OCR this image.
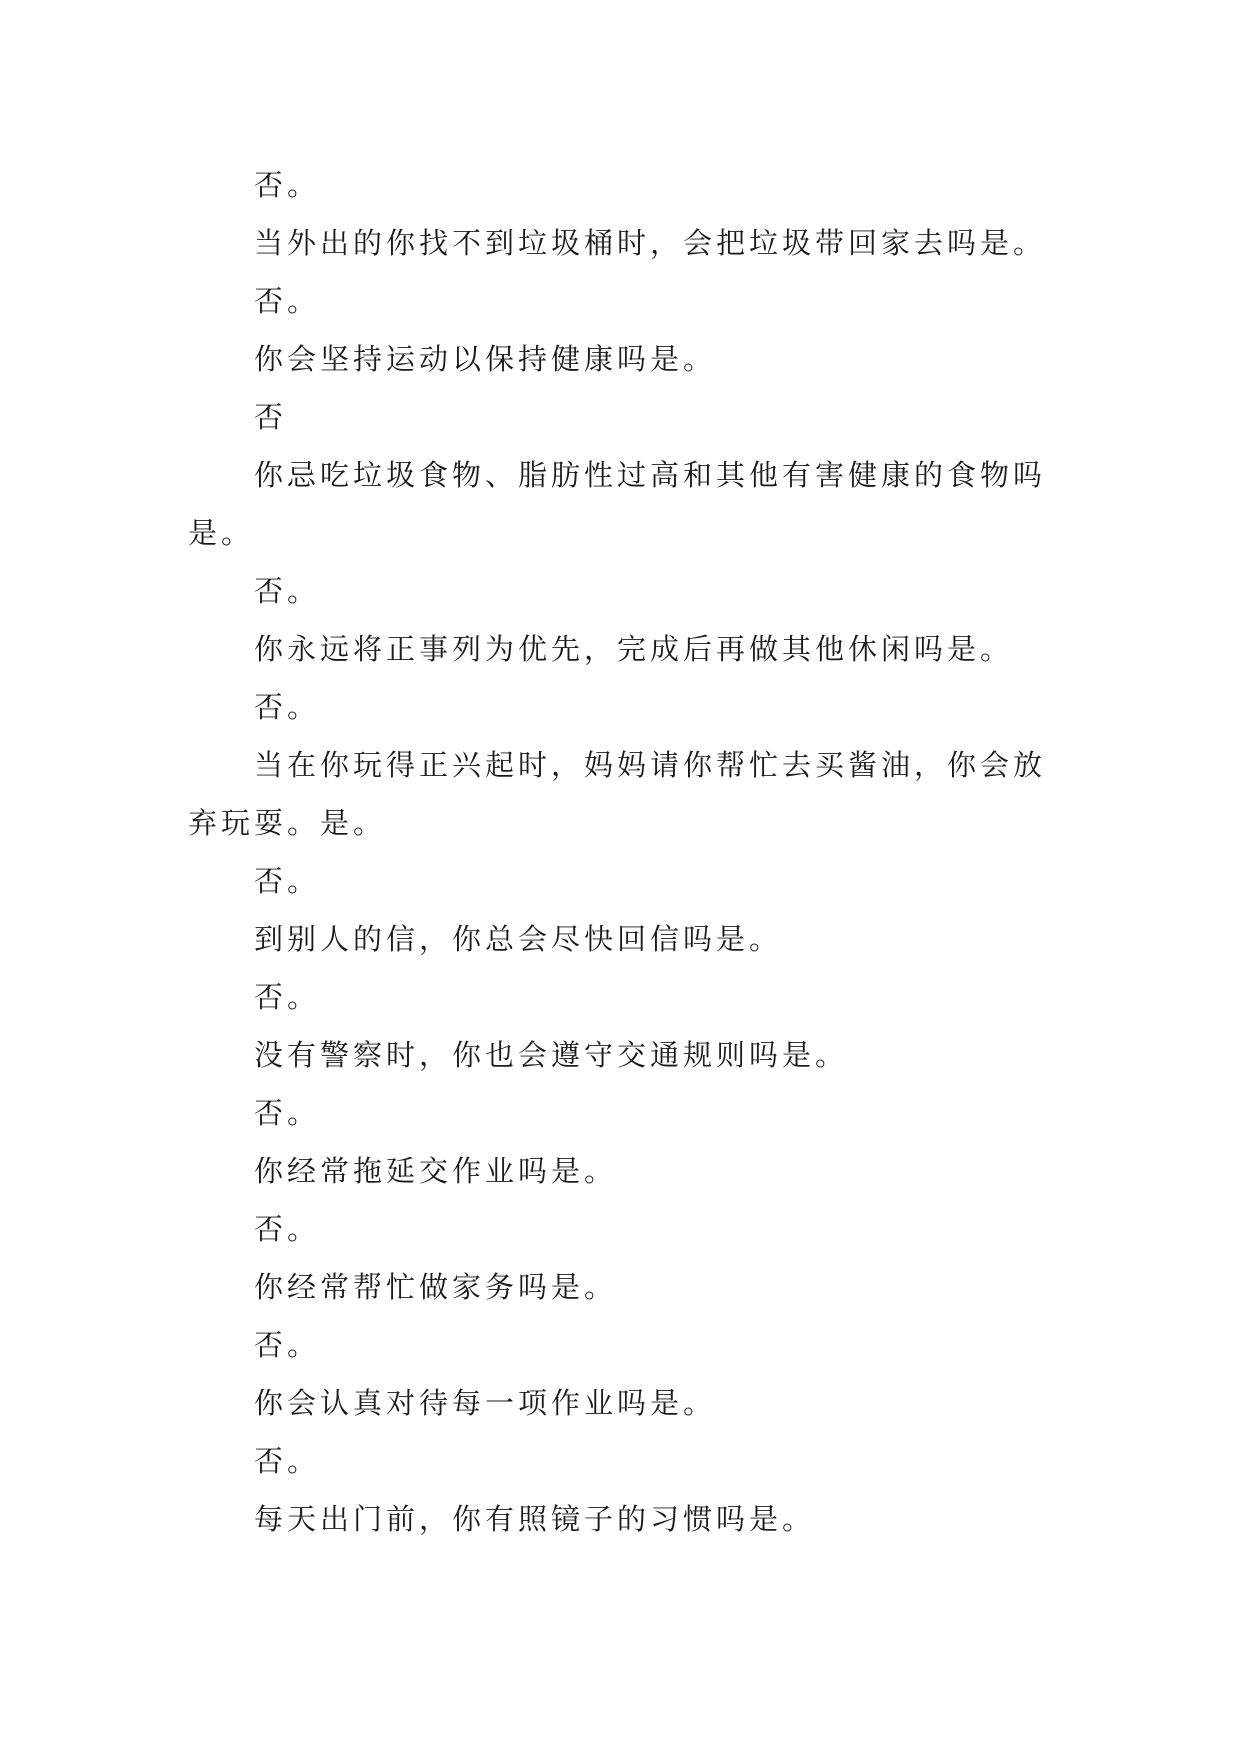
否。

当外出的你找不到垃圾桶时，会把垃圾带回家去吗是。

否。

你会坚持运动以保持健康吗是。

否

你忌吃垃圾食物、脂肪性过高和其他有害健康的食物吗是。

否。

你永远将正事列为优先，完成后再做其他休闲吗是。

否。

当在你玩得正兴起时，妈妈请你帮忙去买酱油，你会放弃玩耍。是。

否。

到别人的信，你总会尽快回信吗是。

否。

没有警察时，你也会遵守交通规则吗是。

否。

你经常拖延交作业吗是。

否。

你经常帮忙做家务吗是。

否。

你会认真对待每一项作业吗是。

否。

每天出门前，你有照镜子的习惯吗是。
